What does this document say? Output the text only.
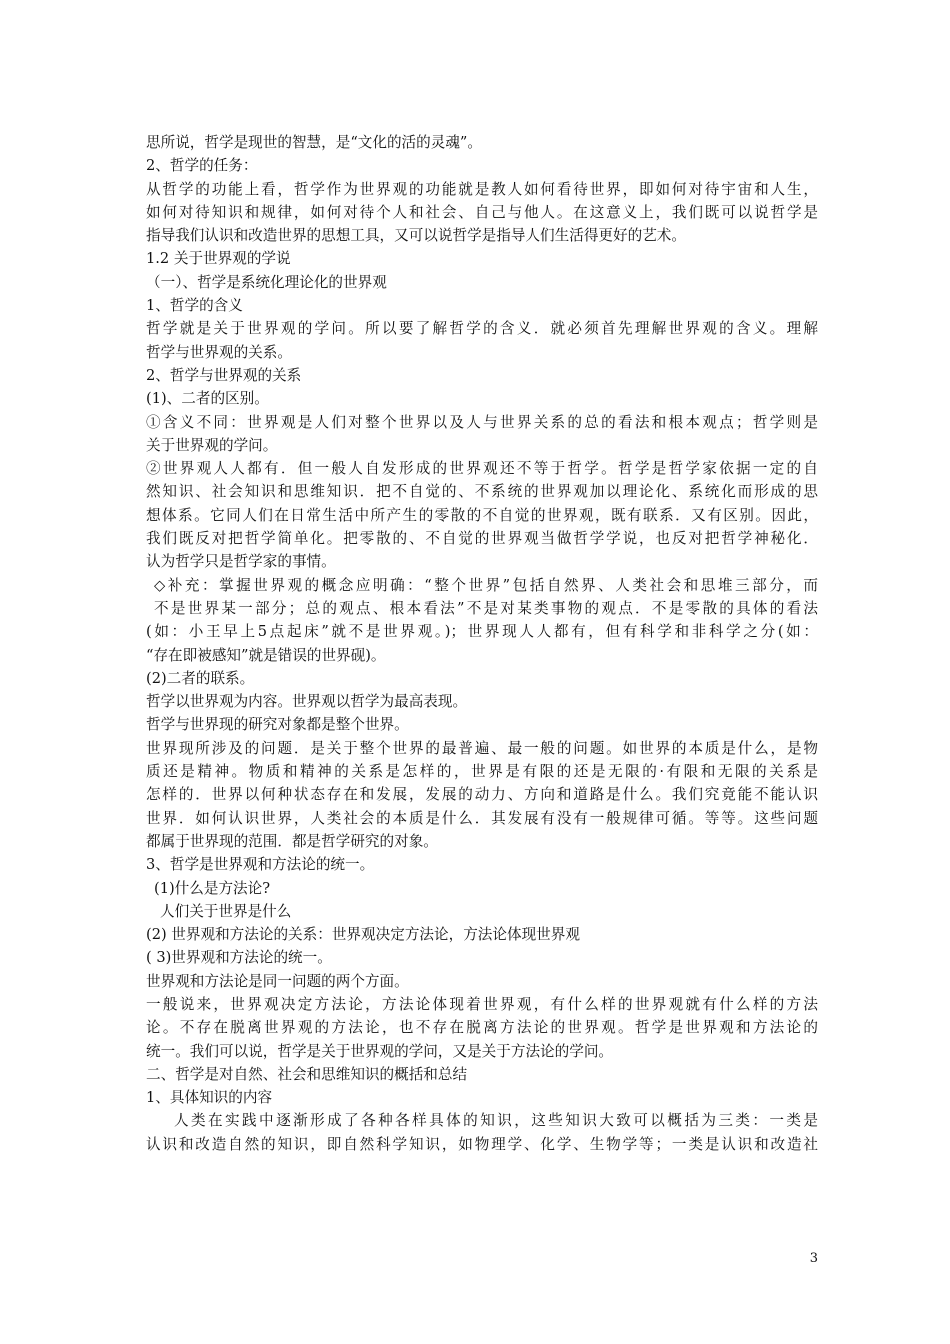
思所说，哲学是现世的智慧，是“文化的活的灵魂”。
2、哲学的任务：
从哲学的功能上看，哲学作为世界观的功能就是教人如何看待世界，即如何对待宇宙和人生，
如何对待知识和规律，如何对待个人和社会、自己与他人。在这意义上，我们既可以说哲学是
指导我们认识和改造世界的思想工具，又可以说哲学是指导人们生活得更好的艺术。
1.2 关于世界观的学说
（一）、哲学是系统化理论化的世界观
1、哲学的含义
哲学就是关于世界观的学问。所以要了解哲学的含义．就必须首先理解世界观的含义。理解
哲学与世界观的关系。
2、哲学与世界观的关系
(1)、二者的区别。
①含义不同：世界观是人们对整个世界以及人与世界关系的总的看法和根本观点；哲学则是
关于世界观的学问。
②世界观人人都有．但一般人自发形成的世界观还不等于哲学。哲学是哲学家依据一定的自
然知识、社会知识和思维知识．把不自觉的、不系统的世界观加以理论化、系统化而形成的思
想体系。它同人们在日常生活中所产生的零散的不自觉的世界观，既有联系．又有区别。因此，
我们既反对把哲学简单化。把零散的、不自觉的世界观当做哲学学说，也反对把哲学神秘化．
认为哲学只是哲学家的事情。
◇补充：掌握世界观的概念应明确：“整个世界”包括自然界、人类社会和思堆三部分，而
不是世界某一部分；总的观点、根本看法”不是对某类事物的观点．不是零散的具体的看法
(如：小王早上5点起床”就不是世界观。)；世界现人人都有，但有科学和非科学之分(如：
“存在即被感知”就是错误的世界砚)。
(2)二者的联系。
哲学以世界观为内容。世界观以哲学为最高表现。
哲学与世界现的研究对象都是整个世界。
世界现所涉及的问题．是关于整个世界的最普遍、最一般的问题。如世界的本质是什么，是物
质还是精神。物质和精神的关系是怎样的，世界是有限的还是无限的·有限和无限的关系是
怎样的．世界以何种状态存在和发展，发展的动力、方向和道路是什么。我们究竟能不能认识
世界．如何认识世界，人类社会的本质是什么．其发展有没有一般规律可循。等等。这些问题
都属于世界现的范围．都是哲学研究的对象。
3、哲学是世界观和方法论的统一。
(1)什么是方法论?
人们关于世界是什么
(2) 世界观和方法论的关系：世界观决定方法论，方法论体现世界观
( 3)世界观和方法论的统一。
世界观和方法论是同一问题的两个方面。
一般说来，世界观决定方法论，方法论体现着世界观，有什么样的世界观就有什么样的方法
论。不存在脱离世界观的方法论，也不存在脱离方法论的世界观。哲学是世界观和方法论的
统一。我们可以说，哲学是关于世界观的学问，又是关于方法论的学问。
二、哲学是对自然、社会和思维知识的概括和总结
1、具体知识的内容
人类在实践中逐渐形成了各种各样具体的知识，这些知识大致可以概括为三类：一类是
认识和改造自然的知识，即自然科学知识，如物理学、化学、生物学等；一类是认识和改造社
3
